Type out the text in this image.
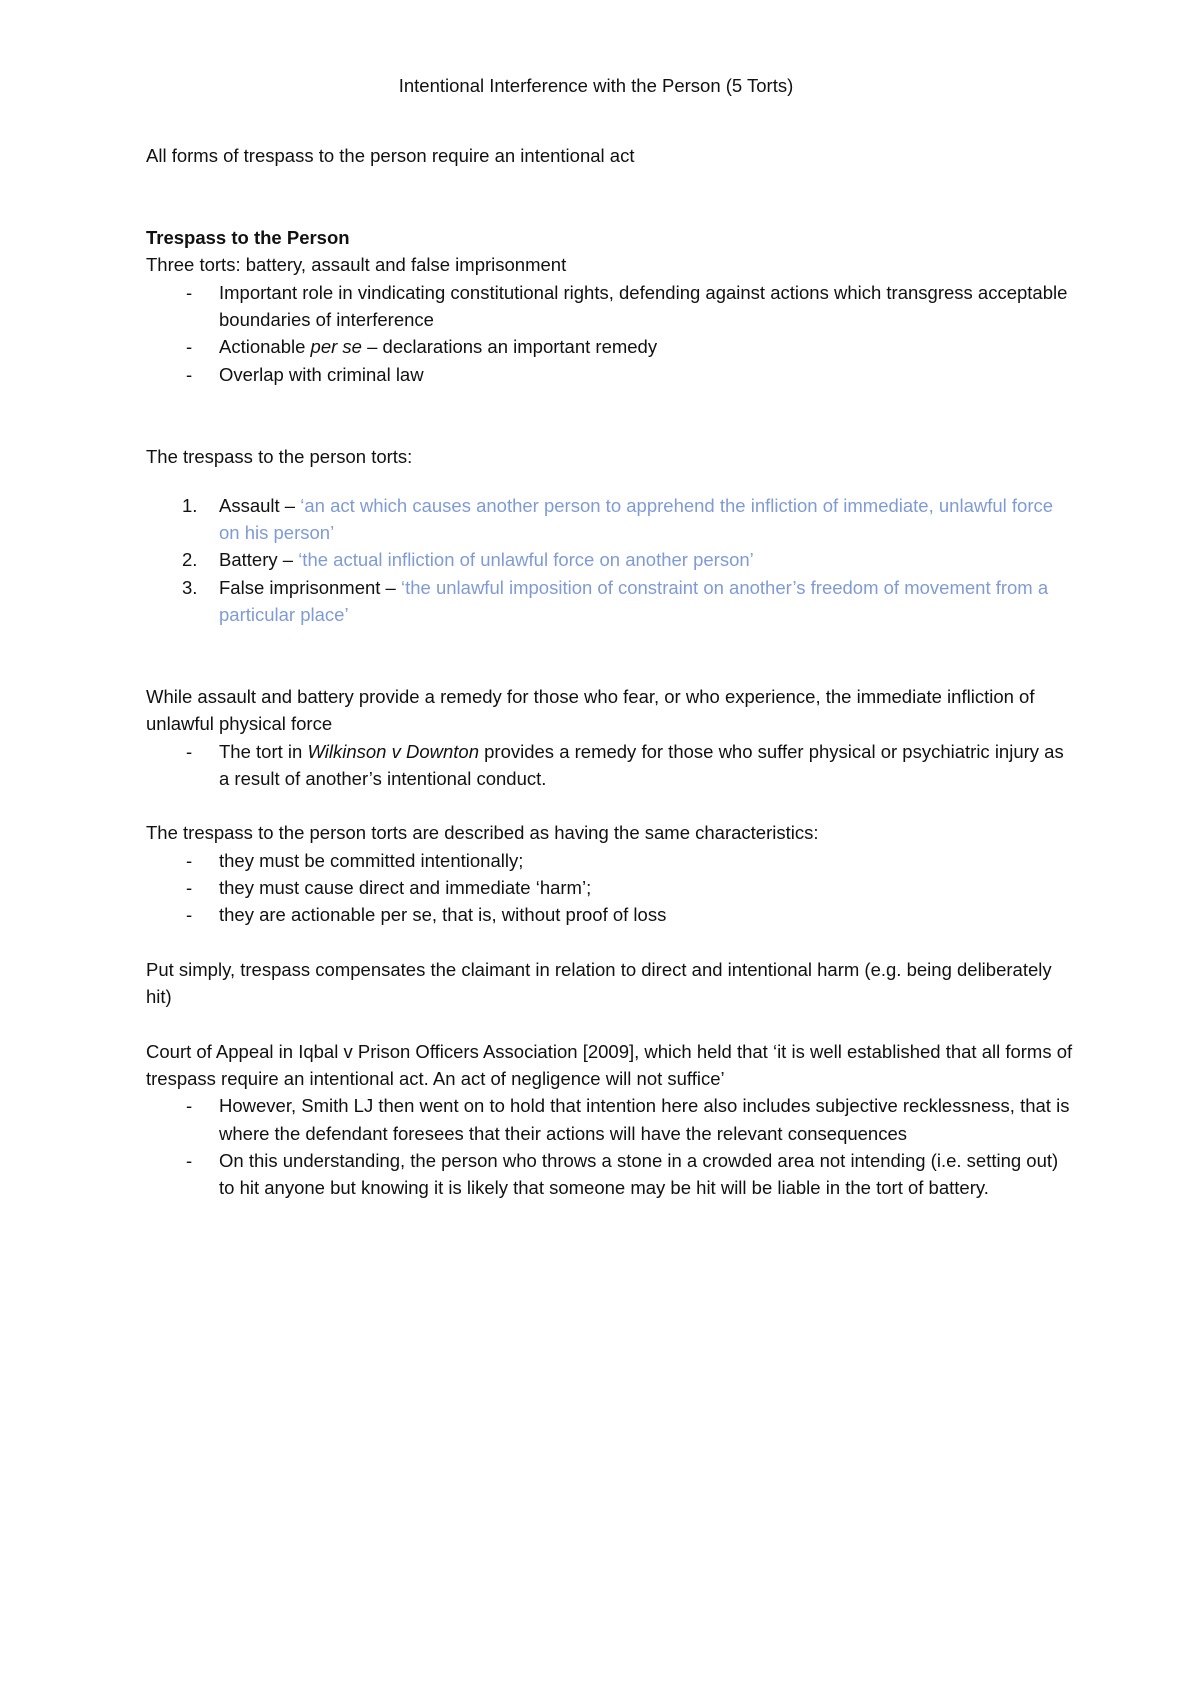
Intentional Interference with the Person (5 Torts)

All forms of trespass to the person require an intentional act

Trespass to the Person

Three torts: battery, assault and false imprisonment

- Important role in vindicating constitutional rights, defending against actions which transgress acceptable boundaries of interference
- Actionable per se – declarations an important remedy
- Overlap with criminal law

The trespass to the person torts:

1. Assault – ‘an act which causes another person to apprehend the infliction of immediate, unlawful force on his person’
2. Battery – ‘the actual infliction of unlawful force on another person’
3. False imprisonment – ‘the unlawful imposition of constraint on another’s freedom of movement from a particular place’

While assault and battery provide a remedy for those who fear, or who experience, the immediate infliction of unlawful physical force

- The tort in Wilkinson v Downton provides a remedy for those who suffer physical or psychiatric injury as a result of another’s intentional conduct.

The trespass to the person torts are described as having the same characteristics:

- they must be committed intentionally;
- they must cause direct and immediate ‘harm’;
- they are actionable per se, that is, without proof of loss

Put simply, trespass compensates the claimant in relation to direct and intentional harm (e.g. being deliberately hit)

Court of Appeal in Iqbal v Prison Officers Association [2009], which held that ‘it is well established that all forms of trespass require an intentional act. An act of negligence will not suffice’

- However, Smith LJ then went on to hold that intention here also includes subjective recklessness, that is where the defendant foresees that their actions will have the relevant consequences
- On this understanding, the person who throws a stone in a crowded area not intending (i.e. setting out) to hit anyone but knowing it is likely that someone may be hit will be liable in the tort of battery.
